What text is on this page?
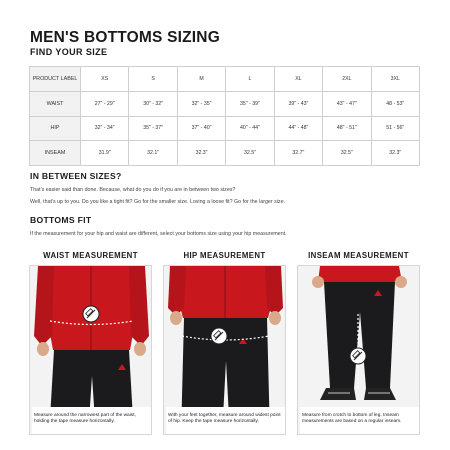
MEN'S BOTTOMS SIZING
FIND YOUR SIZE
PRODUCT LABEL	XS	S	M	L	XL	2XL	3XL
WAIST	27" - 29"	30" - 32"	32" - 35"	35" - 39"	39" - 43"	43" - 47"	48 - 53"
HIP	32" - 34"	35" - 37"	37" - 40"	40" - 44"	44" - 48"	48" - 51"	51 - 56"
INSEAM	31.9"	32.1"	32.3"	32.5"	32.7"	32.5"	32.3"
IN BETWEEN SIZES?
That's easier said than done. Because, what do you do if you are in between two sizes?
Well, that's up to you. Do you like a tight fit? Go for the smaller size. Loving a loose fit? Go for the larger size.
BOTTOMS FIT
If the measurement for your hip and waist are different, select your bottoms size using your hip measurement.
WAIST MEASUREMENT
Measure around the narrowest part of the waist, holding the tape measure horizontally.
HIP MEASUREMENT
With your feet together, measure around widest point of hip. Keep the tape measure horizontally.
INSEAM MEASUREMENT
Measure from crotch to bottom of leg. Inseam measurements are based on a regular inseam.
